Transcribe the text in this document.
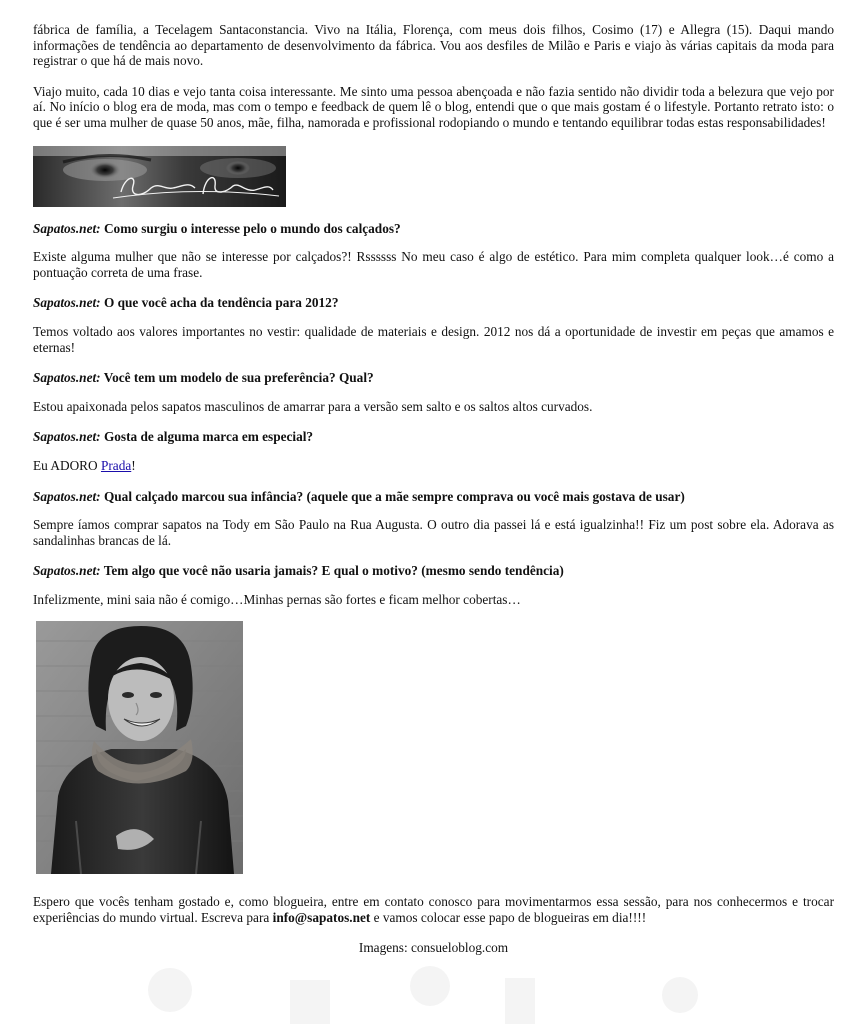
fábrica de família, a Tecelagem Santaconstancia. Vivo na Itália, Florença, com meus dois filhos, Cosimo (17) e Allegra (15). Daqui mando informações de tendência ao departamento de desenvolvimento da fábrica. Vou aos desfiles de Milão e Paris e viajo às várias capitais da moda para registrar o que há de mais novo.

Viajo muito, cada 10 dias e vejo tanta coisa interessante. Me sinto uma pessoa abençoada e não fazia sentido não dividir toda a belezura que vejo por aí. No início o blog era de moda, mas com o tempo e feedback de quem lê o blog, entendi que o que mais gostam é o lifestyle. Portanto retrato isto: o que é ser uma mulher de quase 50 anos, mãe, filha, namorada e profissional rodopiando o mundo e tentando equilibrar todas estas responsabilidades!

Sapatos.net: Como surgiu o interesse pelo o mundo dos calçados?

Existe alguma mulher que não se interesse por calçados?! Rssssss No meu caso é algo de estético. Para mim completa qualquer look…é como a pontuação correta de uma frase.

Sapatos.net: O que você acha da tendência para 2012?

Temos voltado aos valores importantes no vestir: qualidade de materiais e design. 2012 nos dá a oportunidade de investir em peças que amamos e eternas!

Sapatos.net: Você tem um modelo de sua preferência? Qual?

Estou apaixonada pelos sapatos masculinos de amarrar para a versão sem salto e os saltos altos curvados.

Sapatos.net: Gosta de alguma marca em especial?

Eu ADORO Prada!

Sapatos.net: Qual calçado marcou sua infância? (aquele que a mãe sempre comprava ou você mais gostava de usar)

Sempre íamos comprar sapatos na Tody em São Paulo na Rua Augusta. O outro dia passei lá e está igualzinha!! Fiz um post sobre ela. Adorava as sandalinhas brancas de lá.

Sapatos.net: Tem algo que você não usaria jamais? E qual o motivo? (mesmo sendo tendência)

Infelizmente, mini saia não é comigo…Minhas pernas são fortes e ficam melhor cobertas…

Espero que vocês tenham gostado e, como blogueira, entre em contato conosco para movimentarmos essa sessão, para nos conhecermos e trocar experiências do mundo virtual. Escreva para info@sapatos.net e vamos colocar esse papo de blogueiras em dia!!!!

Imagens: consueloblog.com
